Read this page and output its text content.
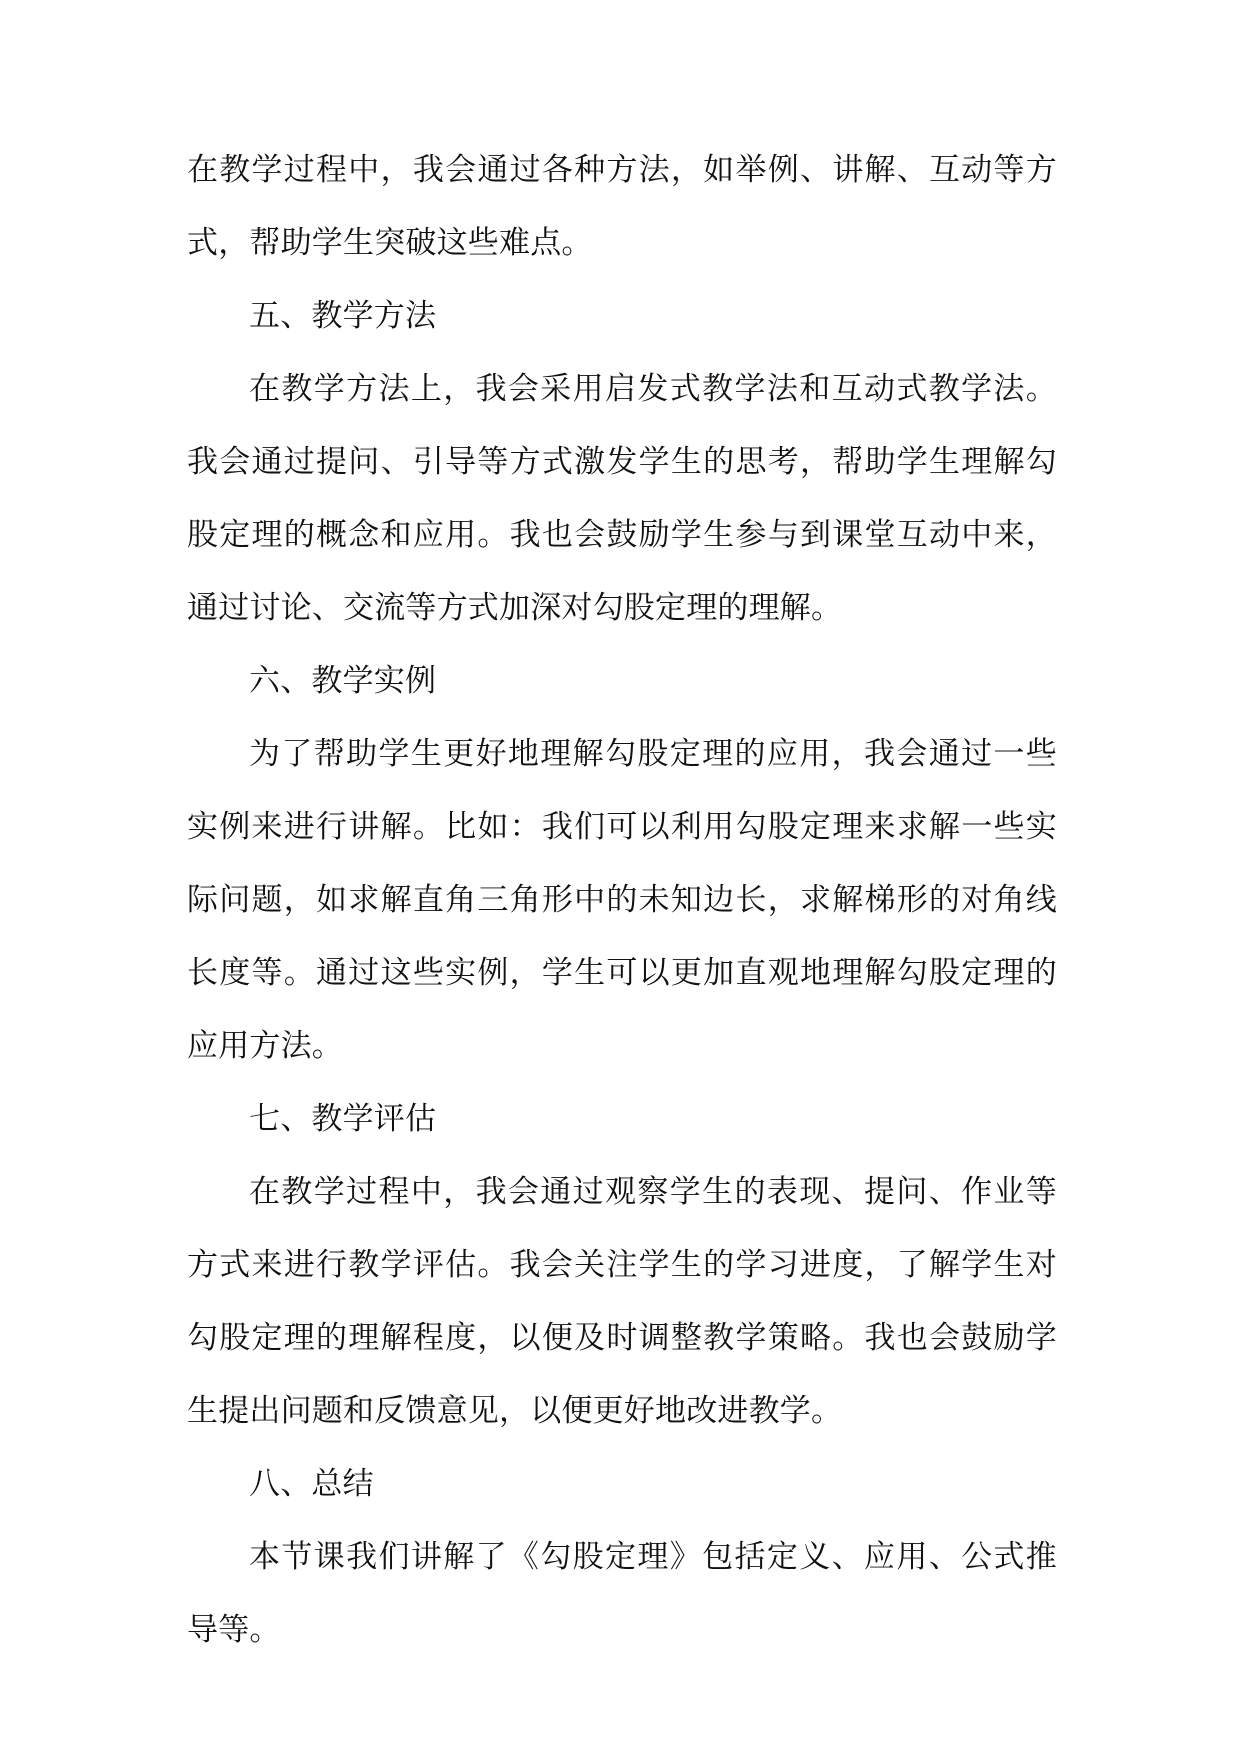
在教学过程中，我会通过各种方法，如举例、讲解、互动等方式，帮助学生突破这些难点。

五、教学方法

在教学方法上，我会采用启发式教学法和互动式教学法。我会通过提问、引导等方式激发学生的思考，帮助学生理解勾股定理的概念和应用。我也会鼓励学生参与到课堂互动中来，通过讨论、交流等方式加深对勾股定理的理解。

六、教学实例

为了帮助学生更好地理解勾股定理的应用，我会通过一些实例来进行讲解。比如：我们可以利用勾股定理来求解一些实际问题，如求解直角三角形中的未知边长，求解梯形的对角线长度等。通过这些实例，学生可以更加直观地理解勾股定理的应用方法。

七、教学评估

在教学过程中，我会通过观察学生的表现、提问、作业等方式来进行教学评估。我会关注学生的学习进度，了解学生对勾股定理的理解程度，以便及时调整教学策略。我也会鼓励学生提出问题和反馈意见，以便更好地改进教学。

八、总结

本节课我们讲解了《勾股定理》包括定义、应用、公式推导等。
